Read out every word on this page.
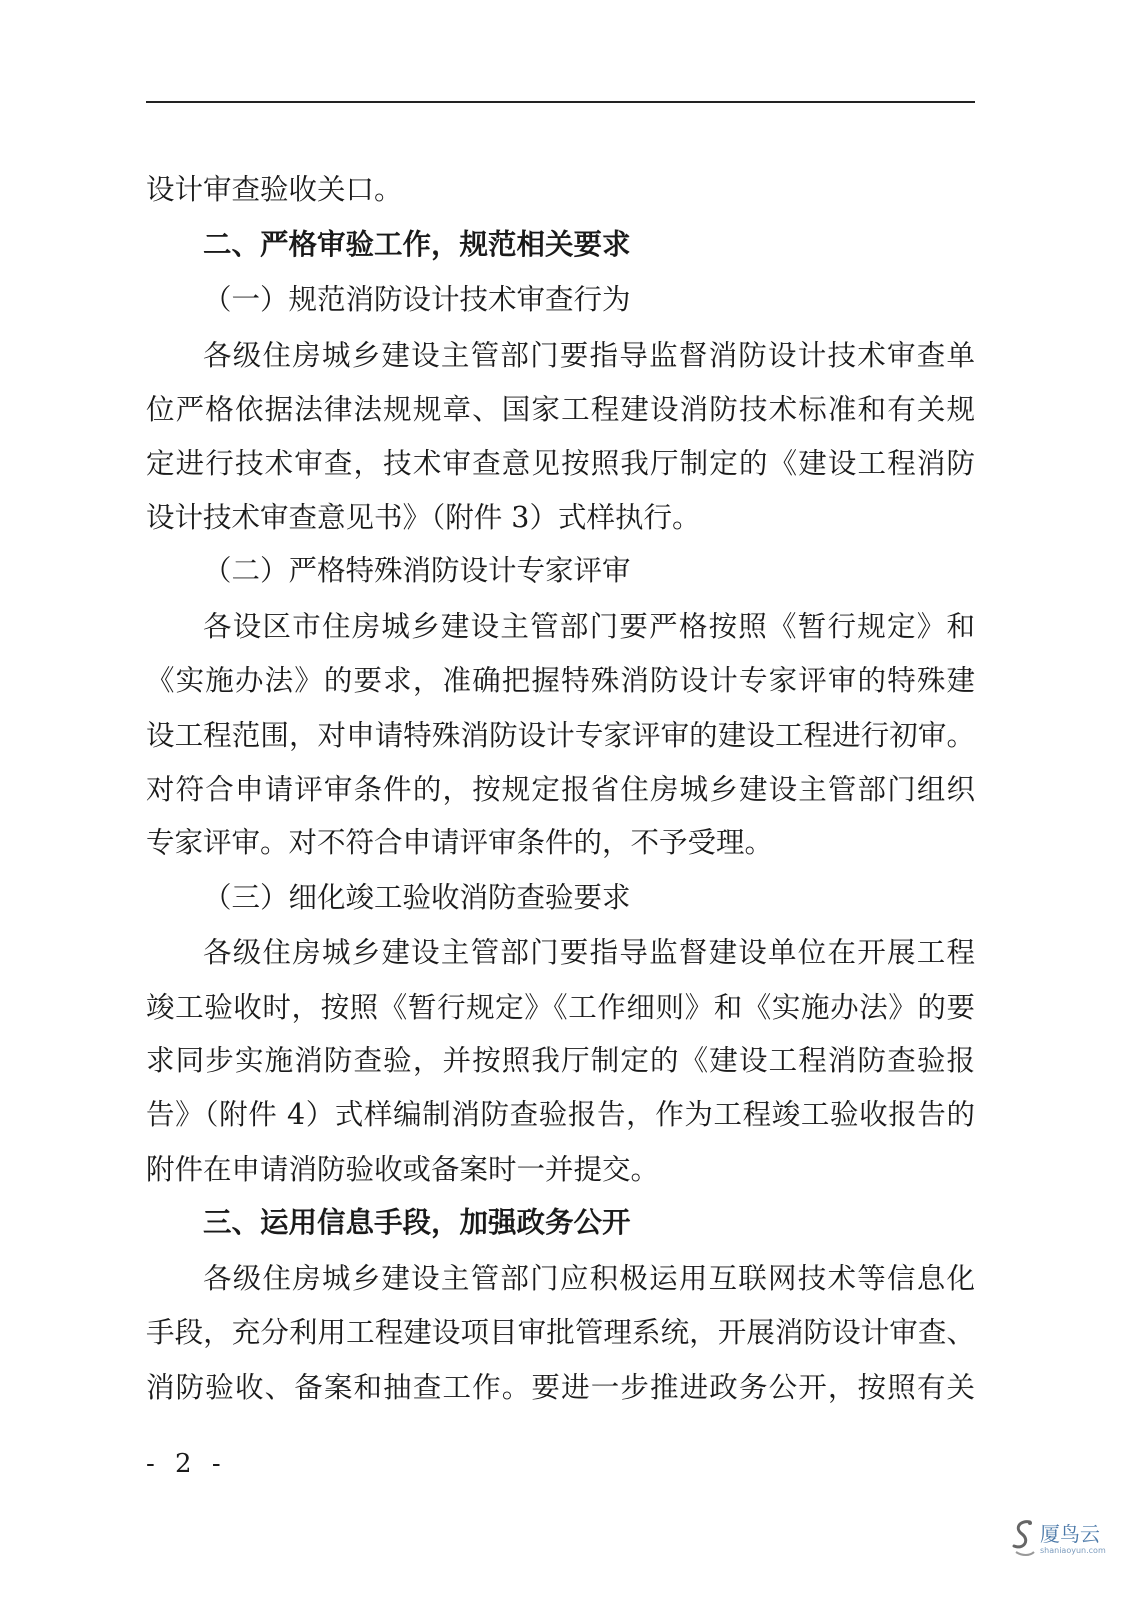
设计审查验收关口。
二、严格审验工作，规范相关要求
（一）规范消防设计技术审查行为
各级住房城乡建设主管部门要指导监督消防设计技术审查单
位严格依据法律法规规章、国家工程建设消防技术标准和有关规
定进行技术审查，技术审查意见按照我厅制定的《建设工程消防
设计技术审查意见书》（附件 3）式样执行。
（二）严格特殊消防设计专家评审
各设区市住房城乡建设主管部门要严格按照《暂行规定》和
《实施办法》的要求，准确把握特殊消防设计专家评审的特殊建
设工程范围，对申请特殊消防设计专家评审的建设工程进行初审。
对符合申请评审条件的，按规定报省住房城乡建设主管部门组织
专家评审。对不符合申请评审条件的，不予受理。
（三）细化竣工验收消防查验要求
各级住房城乡建设主管部门要指导监督建设单位在开展工程
竣工验收时，按照《暂行规定》《工作细则》和《实施办法》的要
求同步实施消防查验，并按照我厅制定的《建设工程消防查验报
告》（附件 4）式样编制消防查验报告，作为工程竣工验收报告的
附件在申请消防验收或备案时一并提交。
三、运用信息手段，加强政务公开
各级住房城乡建设主管部门应积极运用互联网技术等信息化
手段，充分利用工程建设项目审批管理系统，开展消防设计审查、
消防验收、备案和抽查工作。要进一步推进政务公开，按照有关
- 2 -
厦鸟云
shaniaoyun.com
